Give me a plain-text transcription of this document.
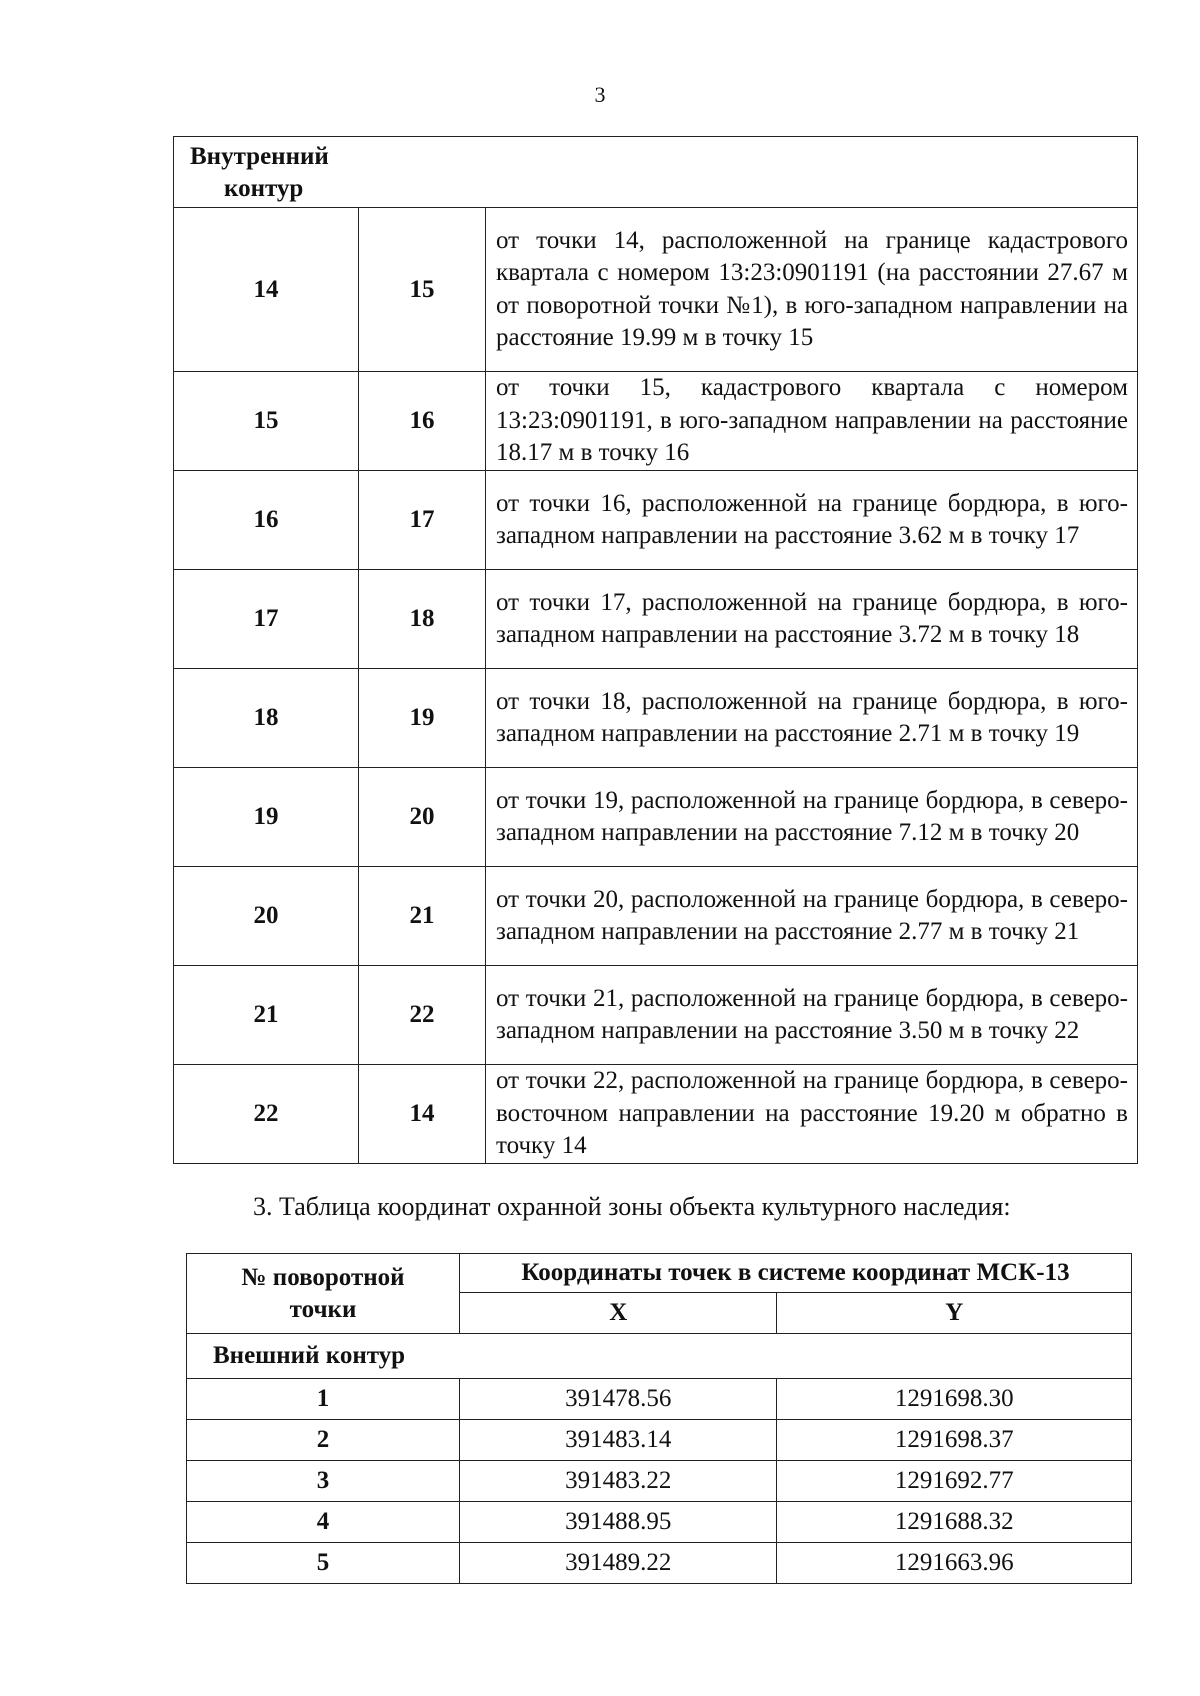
3
Внутренний
контур		

14	15	от точки 14, расположенной на границе кадастрового квартала с номером 13:23:0901191 (на расстоянии 27.67 м от поворотной точки №1), в юго-западном направлении на расстояние 19.99 м в точку 15
15	16	от точки 15, кадастрового квартала с номером 13:23:0901191, в юго-западном направлении на расстояние 18.17 м в точку 16
16	17	от точки 16, расположенной на границе бордюра, в юго-западном направлении на расстояние 3.62 м в точку 17
17	18	от точки 17, расположенной на границе бордюра, в юго-западном направлении на расстояние 3.72 м в точку 18
18	19	от точки 18, расположенной на границе бордюра, в юго-западном направлении на расстояние 2.71 м в точку 19
19	20	от точки 19, расположенной на границе бордюра, в северо-западном направлении на расстояние 7.12 м в точку 20
20	21	от точки 20, расположенной на границе бордюра, в северо-западном направлении на расстояние 2.77 м в точку 21
21	22	от точки 21, расположенной на границе бордюра, в северо-западном направлении на расстояние 3.50 м в точку 22
22	14	от точки 22, расположенной на границе бордюра, в северо-восточном направлении на расстояние 19.20 м обратно в точку 14
3. Таблица координат охранной зоны объекта культурного наследия:
№ поворотной
точки	Координаты точек в системе координат МСК-13	
	X	Y
Внешний контур		
1	391478.56	1291698.30
2	391483.14	1291698.37
3	391483.22	1291692.77
4	391488.95	1291688.32
5	391489.22	1291663.96
